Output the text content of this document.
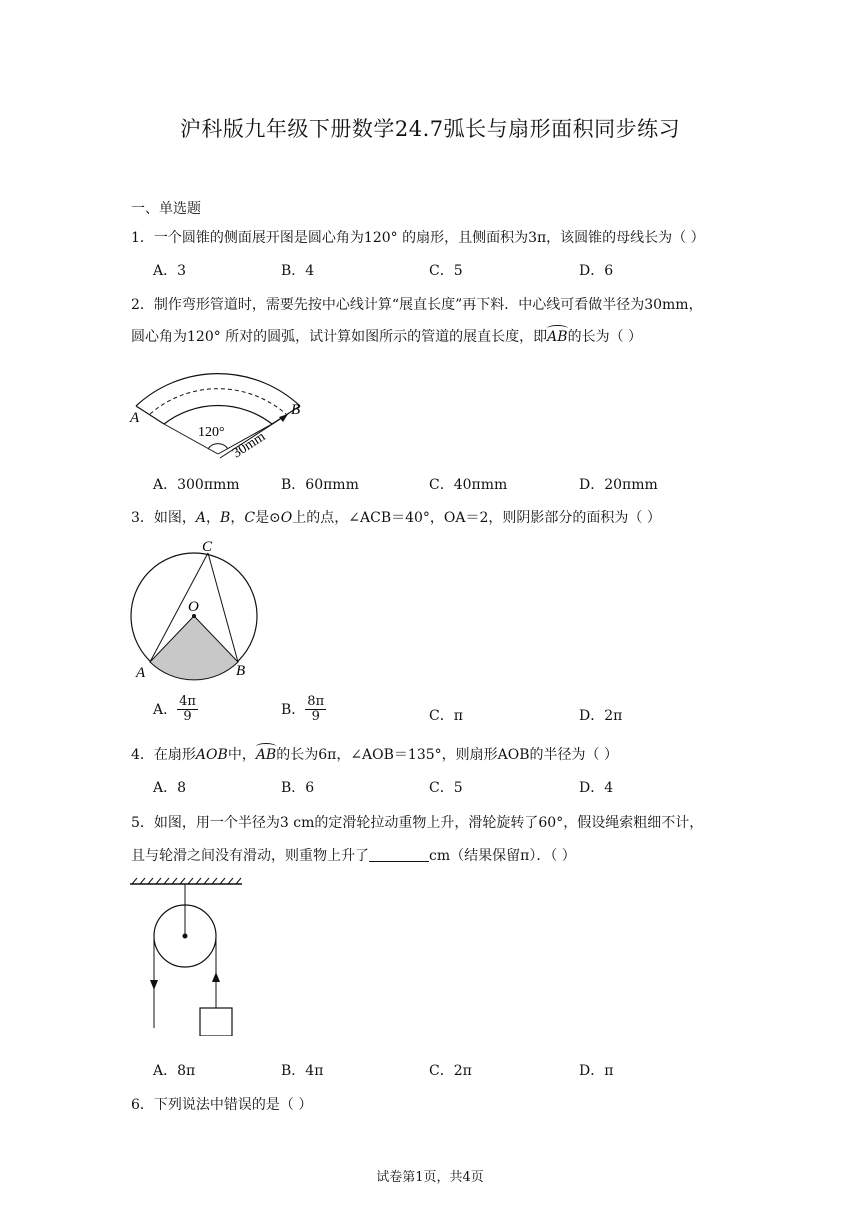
沪科版九年级下册数学24.7弧长与扇形面积同步练习
一、单选题
1．一个圆锥的侧面展开图是圆心角为120° 的扇形，且侧面积为3π，该圆锥的母线长为（ ）
A．3	B．4	C．5	D．6
2．制作弯形管道时，需要先按中心线计算“展直长度”再下料．中心线可看做半径为30mm，
圆心角为120° 所对的圆弧，试计算如图所示的管道的展直长度，即AB的长为（ ）
A	B
120° 30mm
A．300πmm	B．60πmm	C．40πmm	D．20πmm
3．如图，A，B，C是⊙O上的点，∠ACB＝40°，OA＝2，则阴影部分的面积为（ ）
C
O
A	B
A． $\frac{4\pi}{9}$	B． $\frac{8\pi}{9}$	C．π	D．2π
4．在扇形AOB中，AB的长为6π，∠AOB＝135°，则扇形AOB的半径为（ ）
A．8	B．6	C．5	D．4
5．如图，用一个半径为3 cm的定滑轮拉动重物上升，滑轮旋转了60°，假设绳索粗细不计，
且与轮滑之间没有滑动，则重物上升了	cm（结果保留π）．（ ）
A．8π	B．4π	C．2π	D．π
6．下列说法中错误的是（ ）
试卷第1页，共4页
